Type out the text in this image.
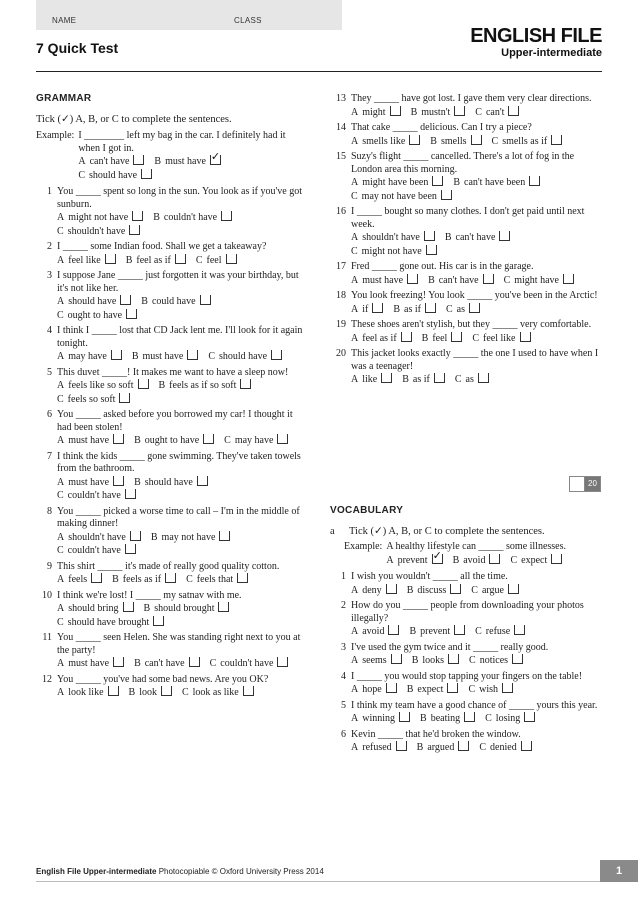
NAME	CLASS
7 Quick Test
ENGLISH FILE
Upper-intermediate
GRAMMAR
Tick (✓) A, B, or C to complete the sentences.
Example: I ________ left my bag in the car. I definitely had it when I got in.
A can't have	B must have✓C should have
1 You _____ spent so long in the sun. You look as if you've got sunburn.
A might not have	B couldn't haveC shouldn't have
2 I _____ some Indian food. Shall we get a takeaway?
A feel like	B feel as if	C feel
3 I suppose Jane _____ just forgotten it was your birthday, but it's not like her.
A should have	B could haveC ought to have
4 I think I _____ lost that CD Jack lent me. I'll look for it again tonight.
A may have	B must have	C should have
5 This duvet _____! It makes me want to have a sleep now!
A feels like so soft	B feels as if so softC feels so soft
6 You _____ asked before you borrowed my car! I thought it had been stolen!
A must have	B ought to have	C may have
7 I think the kids _____ gone swimming. They've taken towels from the bathroom.
A must have	B should haveC couldn't have
8 You _____ picked a worse time to call – I'm in the middle of making dinner!
A shouldn't have	B may not haveC couldn't have
9 This shirt _____ it's made of really good quality cotton.
A feels	B feels as if	C feels that
10 I think we're lost! I _____ my satnav with me.
A should bring	B should broughtC should have brought
11 You _____ seen Helen. She was standing right next to you at the party!
A must have	B can't have	C couldn't have
12 You _____ you've had some bad news. Are you OK?
A look like	B look	C look as like
13 They _____ have got lost. I gave them very clear directions.
A might	B mustn't	C can't
14 That cake _____ delicious. Can I try a piece?
A smells like	B smells	C smells as if
15 Suzy's flight _____ cancelled. There's a lot of fog in the London area this morning.
A might have been	B can't have beenC may not have been
16 I _____ bought so many clothes. I don't get paid until next week.
A shouldn't have	B can't haveC might not have
17 Fred _____ gone out. His car is in the garage.
A must have	B can't have	C might have
18 You look freezing! You look _____ you've been in the Arctic!
A if	B as if	C as
19 These shoes aren't stylish, but they _____ very comfortable.
A feel as if	B feel	C feel like
20 This jacket looks exactly _____ the one I used to have when I was a teenager!
A like	B as if	C as
20
VOCABULARY
a	Tick (✓) A, B, or C to complete the sentences.
Example: A healthy lifestyle can _____ some illnesses.
A prevent✓	B avoid	C expect
1 I wish you wouldn't _____ all the time.
A deny	B discuss	C argue
2 How do you _____ people from downloading your photos illegally?
A avoid	B prevent	C refuse
3 I've used the gym twice and it _____ really good.
A seems	B looks	C notices
4 I _____ you would stop tapping your fingers on the table!
A hope	B expect	C wish
5 I think my team have a good chance of _____ yours this year.
A winning	B beating	C losing
6 Kevin _____ that he'd broken the window.
A refused	B argued	C denied
English File Upper-intermediate Photocopiable © Oxford University Press 2014	1
